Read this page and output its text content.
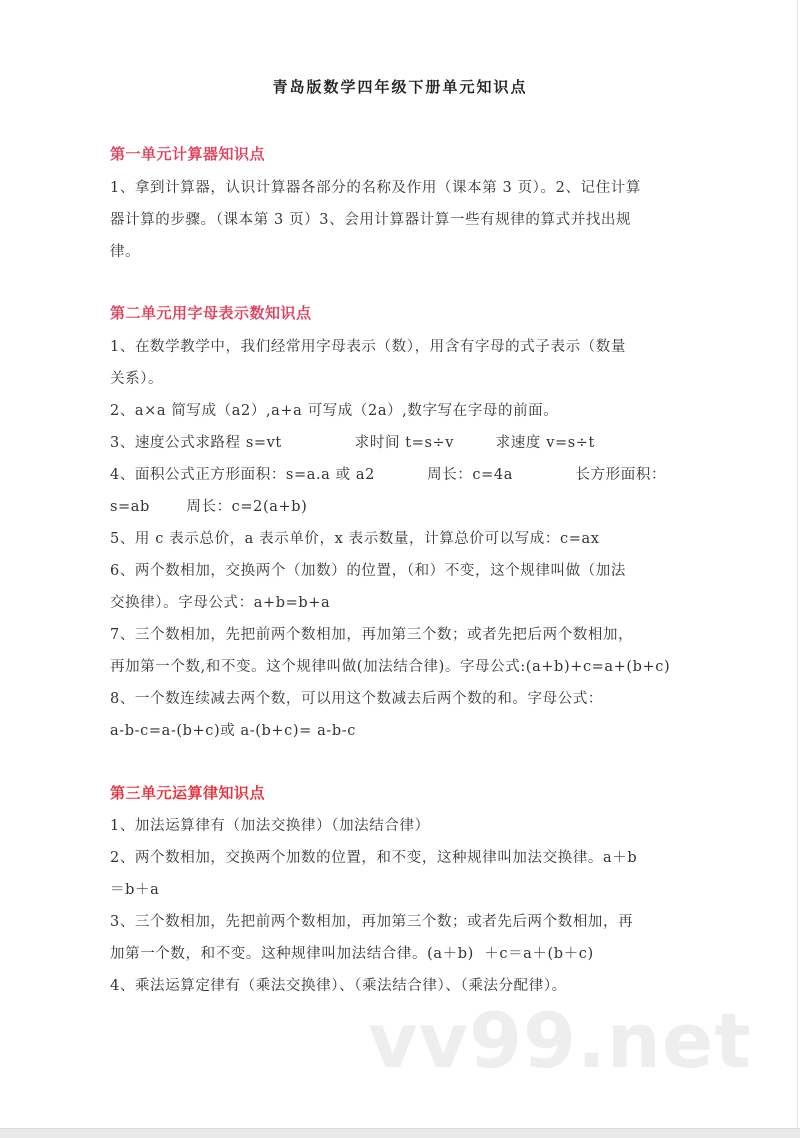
青岛版数学四年级下册单元知识点
第一单元计算器知识点
1、拿到计算器，认识计算器各部分的名称及作用（课本第 3 页）。2、记住计算
器计算的步骤。（课本第 3 页）3、会用计算器计算一些有规律的算式并找出规
律。
第二单元用字母表示数知识点
1、在数学教学中，我们经常用字母表示（数），用含有字母的式子表示（数量
关系）。
2、a×a 简写成（a2）,a+a 可写成（2a）,数字写在字母的前面。
3、速度公式求路程 s=vt              求时间 t=s÷v        求速度 v=s÷t
4、面积公式正方形面积：s=a.a 或 a2          周长：c=4a            长方形面积：
s=ab       周长：c=2(a+b)
5、用 c 表示总价，a 表示单价，x 表示数量，计算总价可以写成：c=ax
6、两个数相加，交换两个（加数）的位置，（和）不变，这个规律叫做（加法
交换律）。字母公式：a+b=b+a
7、三个数相加，先把前两个数相加，再加第三个数；或者先把后两个数相加，
再加第一个数,和不变。这个规律叫做(加法结合律)。字母公式:(a+b)+c=a+(b+c)
8、一个数连续减去两个数，可以用这个数减去后两个数的和。字母公式：
a-b-c=a-(b+c)或 a-(b+c)= a-b-c
第三单元运算律知识点
1、加法运算律有（加法交换律）（加法结合律）
2、两个数相加，交换两个加数的位置，和不变，这种规律叫加法交换律。a＋b
＝b＋a
3、三个数相加，先把前两个数相加，再加第三个数；或者先后两个数相加，再
加第一个数，和不变。这种规律叫加法结合律。(a＋b)  ＋c＝a＋(b＋c)
4、乘法运算定律有（乘法交换律）、（乘法结合律）、（乘法分配律）。
vv99.net
